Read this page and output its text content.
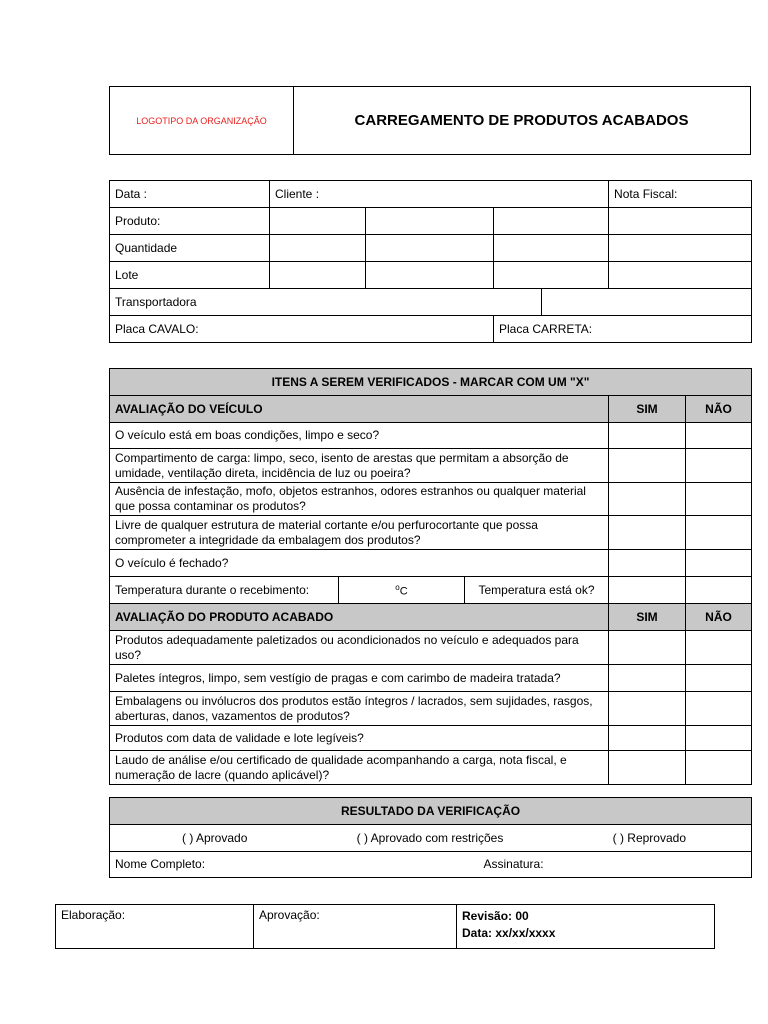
LOGOTIPO DA ORGANIZAÇÃO	CARREGAMENTO DE PRODUTOS ACABADOS
Data :	Cliente :				Nota Fiscal:
Produto:					
Quantidade					
Lote					
Transportadora					
Placa CAVALO:			Placa CARRETA:		
ITENS A SEREM VERIFICADOS - MARCAR COM UM "X"				
AVALIAÇÃO DO VEÍCULO			SIM	NÃO
O veículo está em boas condições, limpo e seco?				
Compartimento de carga: limpo, seco, isento de arestas que permitam a absorção de umidade, ventilação direta, incidência de luz ou poeira?				
Ausência de infestação, mofo, objetos estranhos, odores estranhos ou qualquer material que possa contaminar os produtos?				
Livre de qualquer estrutura de material cortante e/ou perfurocortante que possa comprometer a integridade da embalagem dos produtos?				
O veículo é fechado?				
Temperatura durante o recebimento:	$^o$C	Temperatura está ok?		
AVALIAÇÃO DO PRODUTO ACABADO			SIM	NÃO
Produtos adequadamente paletizados ou acondicionados no veículo e adequados para uso?				
Paletes íntegros, limpo, sem vestígio de pragas e com carimbo de madeira tratada?				
Embalagens ou invólucros dos produtos estão íntegros / lacrados, sem sujidades, rasgos, aberturas, danos, vazamentos de produtos?				
Produtos com data de validade e lote legíveis?				
Laudo de análise e/ou certificado de qualidade acompanhando a carga, nota fiscal, e numeração de lacre (quando aplicável)?				
RESULTADO DA VERIFICAÇÃO

( ) Aprovado	( ) Aprovado com restrições	( ) Reprovado

Nome Completo:	Assinatura:
Elaboração:	Aprovação:	Revisão: 00
Data: xx/xx/xxxx
